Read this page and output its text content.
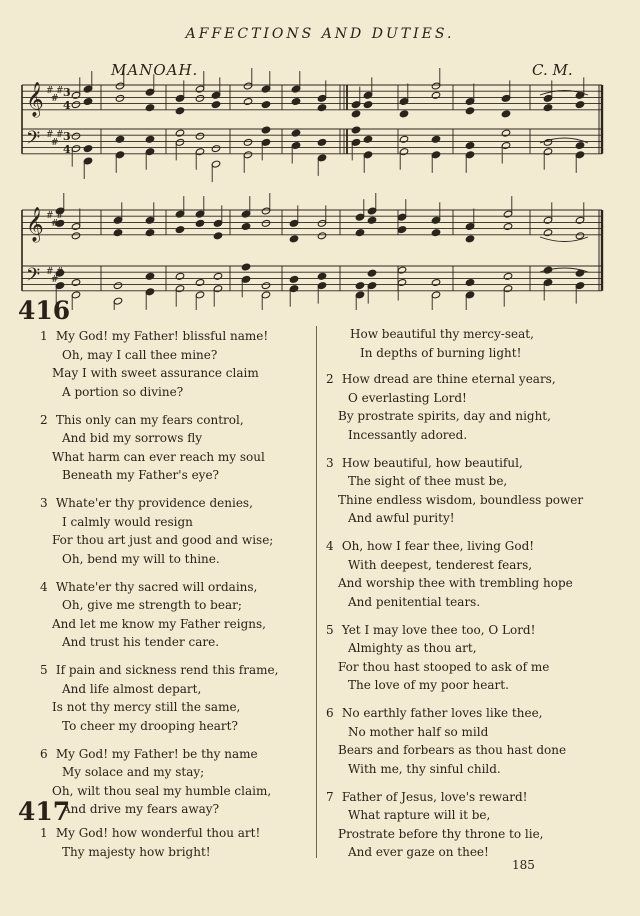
AFFECTIONS AND DUTIES.
MANOAH.	C. M.
𝄞
𝄢
𝄞
𝄢
#
#
# 3
4
#
#
# 3
4
#
#
#
#
#
#
416
417
1 My God! my Father! blissful name!
Oh, may I call thee mine?
May I with sweet assurance claim
A portion so divine?
2 This only can my fears control,
And bid my sorrows fly
What harm can ever reach my soul
Beneath my Father's eye?
3 Whate'er thy providence denies,
I calmly would resign
For thou art just and good and wise;
Oh, bend my will to thine.
4 Whate'er thy sacred will ordains,
Oh, give me strength to bear;
And let me know my Father reigns,
And trust his tender care.
5 If pain and sickness rend this frame,
And life almost depart,
Is not thy mercy still the same,
To cheer my drooping heart?
6 My God! my Father! be thy name
My solace and my stay;
Oh, wilt thou seal my humble claim,
And drive my fears away?
1 My God! how wonderful thou art!
Thy majesty how bright!
How beautiful thy mercy-seat,
In depths of burning light!
2 How dread are thine eternal years,
O everlasting Lord!
By prostrate spirits, day and night,
Incessantly adored.
3 How beautiful, how beautiful,
The sight of thee must be,
Thine endless wisdom, boundless power
And awful purity!
4 Oh, how I fear thee, living God!
With deepest, tenderest fears,
And worship thee with trembling hope
And penitential tears.
5 Yet I may love thee too, O Lord!
Almighty as thou art,
For thou hast stooped to ask of me
The love of my poor heart.
6 No earthly father loves like thee,
No mother half so mild
Bears and forbears as thou hast done
With me, thy sinful child.
7 Father of Jesus, love's reward!
What rapture will it be,
Prostrate before thy throne to lie,
And ever gaze on thee!
185
